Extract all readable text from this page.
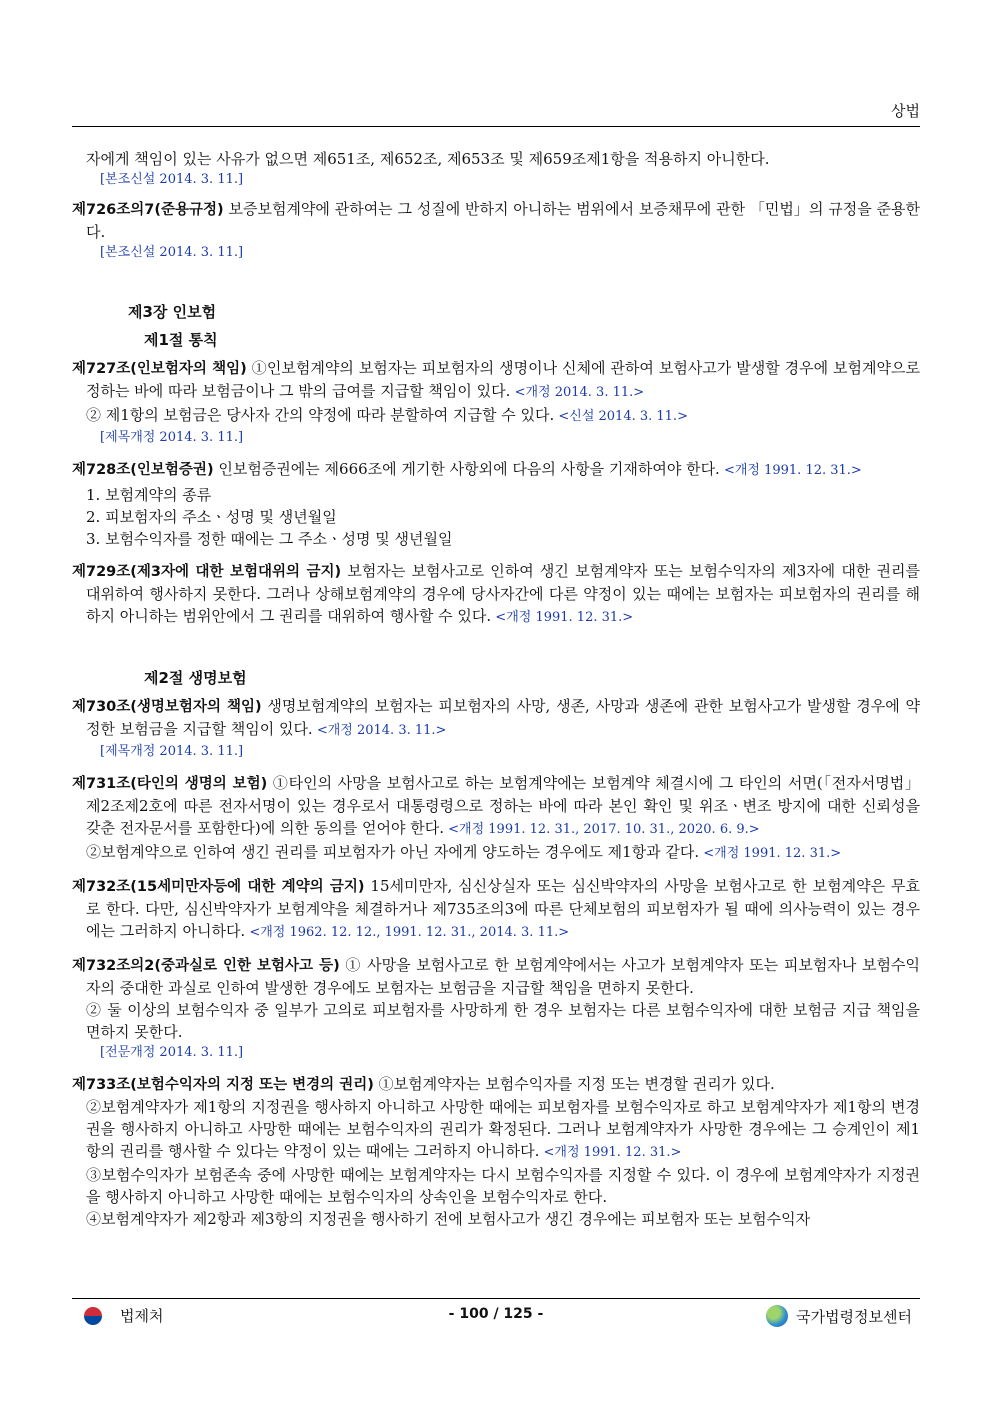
상법

자에게 책임이 있는 사유가 없으면 제651조, 제652조, 제653조 및 제659조제1항을 적용하지 아니한다.
[본조신설 2014. 3. 11.]

제726조의7(준용규정) 보증보험계약에 관하여는 그 성질에 반하지 아니하는 범위에서 보증채무에 관한 「민법」의 규정을 준용한다.
[본조신설 2014. 3. 11.]

제3장 인보험

제1절 통칙

제727조(인보험자의 책임) ①인보험계약의 보험자는 피보험자의 생명이나 신체에 관하여 보험사고가 발생할 경우에 보험계약으로 정하는 바에 따라 보험금이나 그 밖의 급여를 지급할 책임이 있다. <개정 2014. 3. 11.>
② 제1항의 보험금은 당사자 간의 약정에 따라 분할하여 지급할 수 있다. <신설 2014. 3. 11.>
[제목개정 2014. 3. 11.]

제728조(인보험증권) 인보험증권에는 제666조에 게기한 사항외에 다음의 사항을 기재하여야 한다. <개정 1991. 12. 31.>

1. 보험계약의 종류

2. 피보험자의 주소ㆍ성명 및 생년월일

3. 보험수익자를 정한 때에는 그 주소ㆍ성명 및 생년월일

제729조(제3자에 대한 보험대위의 금지) 보험자는 보험사고로 인하여 생긴 보험계약자 또는 보험수익자의 제3자에 대한 권리를 대위하여 행사하지 못한다. 그러나 상해보험계약의 경우에 당사자간에 다른 약정이 있는 때에는 보험자는 피보험자의 권리를 해하지 아니하는 범위안에서 그 권리를 대위하여 행사할 수 있다. <개정 1991. 12. 31.>

제2절 생명보험

제730조(생명보험자의 책임) 생명보험계약의 보험자는 피보험자의 사망, 생존, 사망과 생존에 관한 보험사고가 발생할 경우에 약정한 보험금을 지급할 책임이 있다. <개정 2014. 3. 11.>
[제목개정 2014. 3. 11.]

제731조(타인의 생명의 보험) ①타인의 사망을 보험사고로 하는 보험계약에는 보험계약 체결시에 그 타인의 서면(「전자서명법」 제2조제2호에 따른 전자서명이 있는 경우로서 대통령령으로 정하는 바에 따라 본인 확인 및 위조ㆍ변조 방지에 대한 신뢰성을 갖춘 전자문서를 포함한다)에 의한 동의를 얻어야 한다. <개정 1991. 12. 31., 2017. 10. 31., 2020. 6. 9.>
②보험계약으로 인하여 생긴 권리를 피보험자가 아닌 자에게 양도하는 경우에도 제1항과 같다. <개정 1991. 12. 31.>

제732조(15세미만자등에 대한 계약의 금지) 15세미만자, 심신상실자 또는 심신박약자의 사망을 보험사고로 한 보험계약은 무효로 한다. 다만, 심신박약자가 보험계약을 체결하거나 제735조의3에 따른 단체보험의 피보험자가 될 때에 의사능력이 있는 경우에는 그러하지 아니하다. <개정 1962. 12. 12., 1991. 12. 31., 2014. 3. 11.>

제732조의2(중과실로 인한 보험사고 등) ① 사망을 보험사고로 한 보험계약에서는 사고가 보험계약자 또는 피보험자나 보험수익자의 중대한 과실로 인하여 발생한 경우에도 보험자는 보험금을 지급할 책임을 면하지 못한다.
② 둘 이상의 보험수익자 중 일부가 고의로 피보험자를 사망하게 한 경우 보험자는 다른 보험수익자에 대한 보험금 지급 책임을 면하지 못한다.
[전문개정 2014. 3. 11.]

제733조(보험수익자의 지정 또는 변경의 권리) ①보험계약자는 보험수익자를 지정 또는 변경할 권리가 있다.
②보험계약자가 제1항의 지정권을 행사하지 아니하고 사망한 때에는 피보험자를 보험수익자로 하고 보험계약자가 제1항의 변경권을 행사하지 아니하고 사망한 때에는 보험수익자의 권리가 확정된다. 그러나 보험계약자가 사망한 경우에는 그 승계인이 제1항의 권리를 행사할 수 있다는 약정이 있는 때에는 그러하지 아니하다. <개정 1991. 12. 31.>
③보험수익자가 보험존속 중에 사망한 때에는 보험계약자는 다시 보험수익자를 지정할 수 있다. 이 경우에 보험계약자가 지정권을 행사하지 아니하고 사망한 때에는 보험수익자의 상속인을 보험수익자로 한다.
④보험계약자가 제2항과 제3항의 지정권을 행사하기 전에 보험사고가 생긴 경우에는 피보험자 또는 보험수익자

법제처	- 100 / 125 -	국가법령정보센터
